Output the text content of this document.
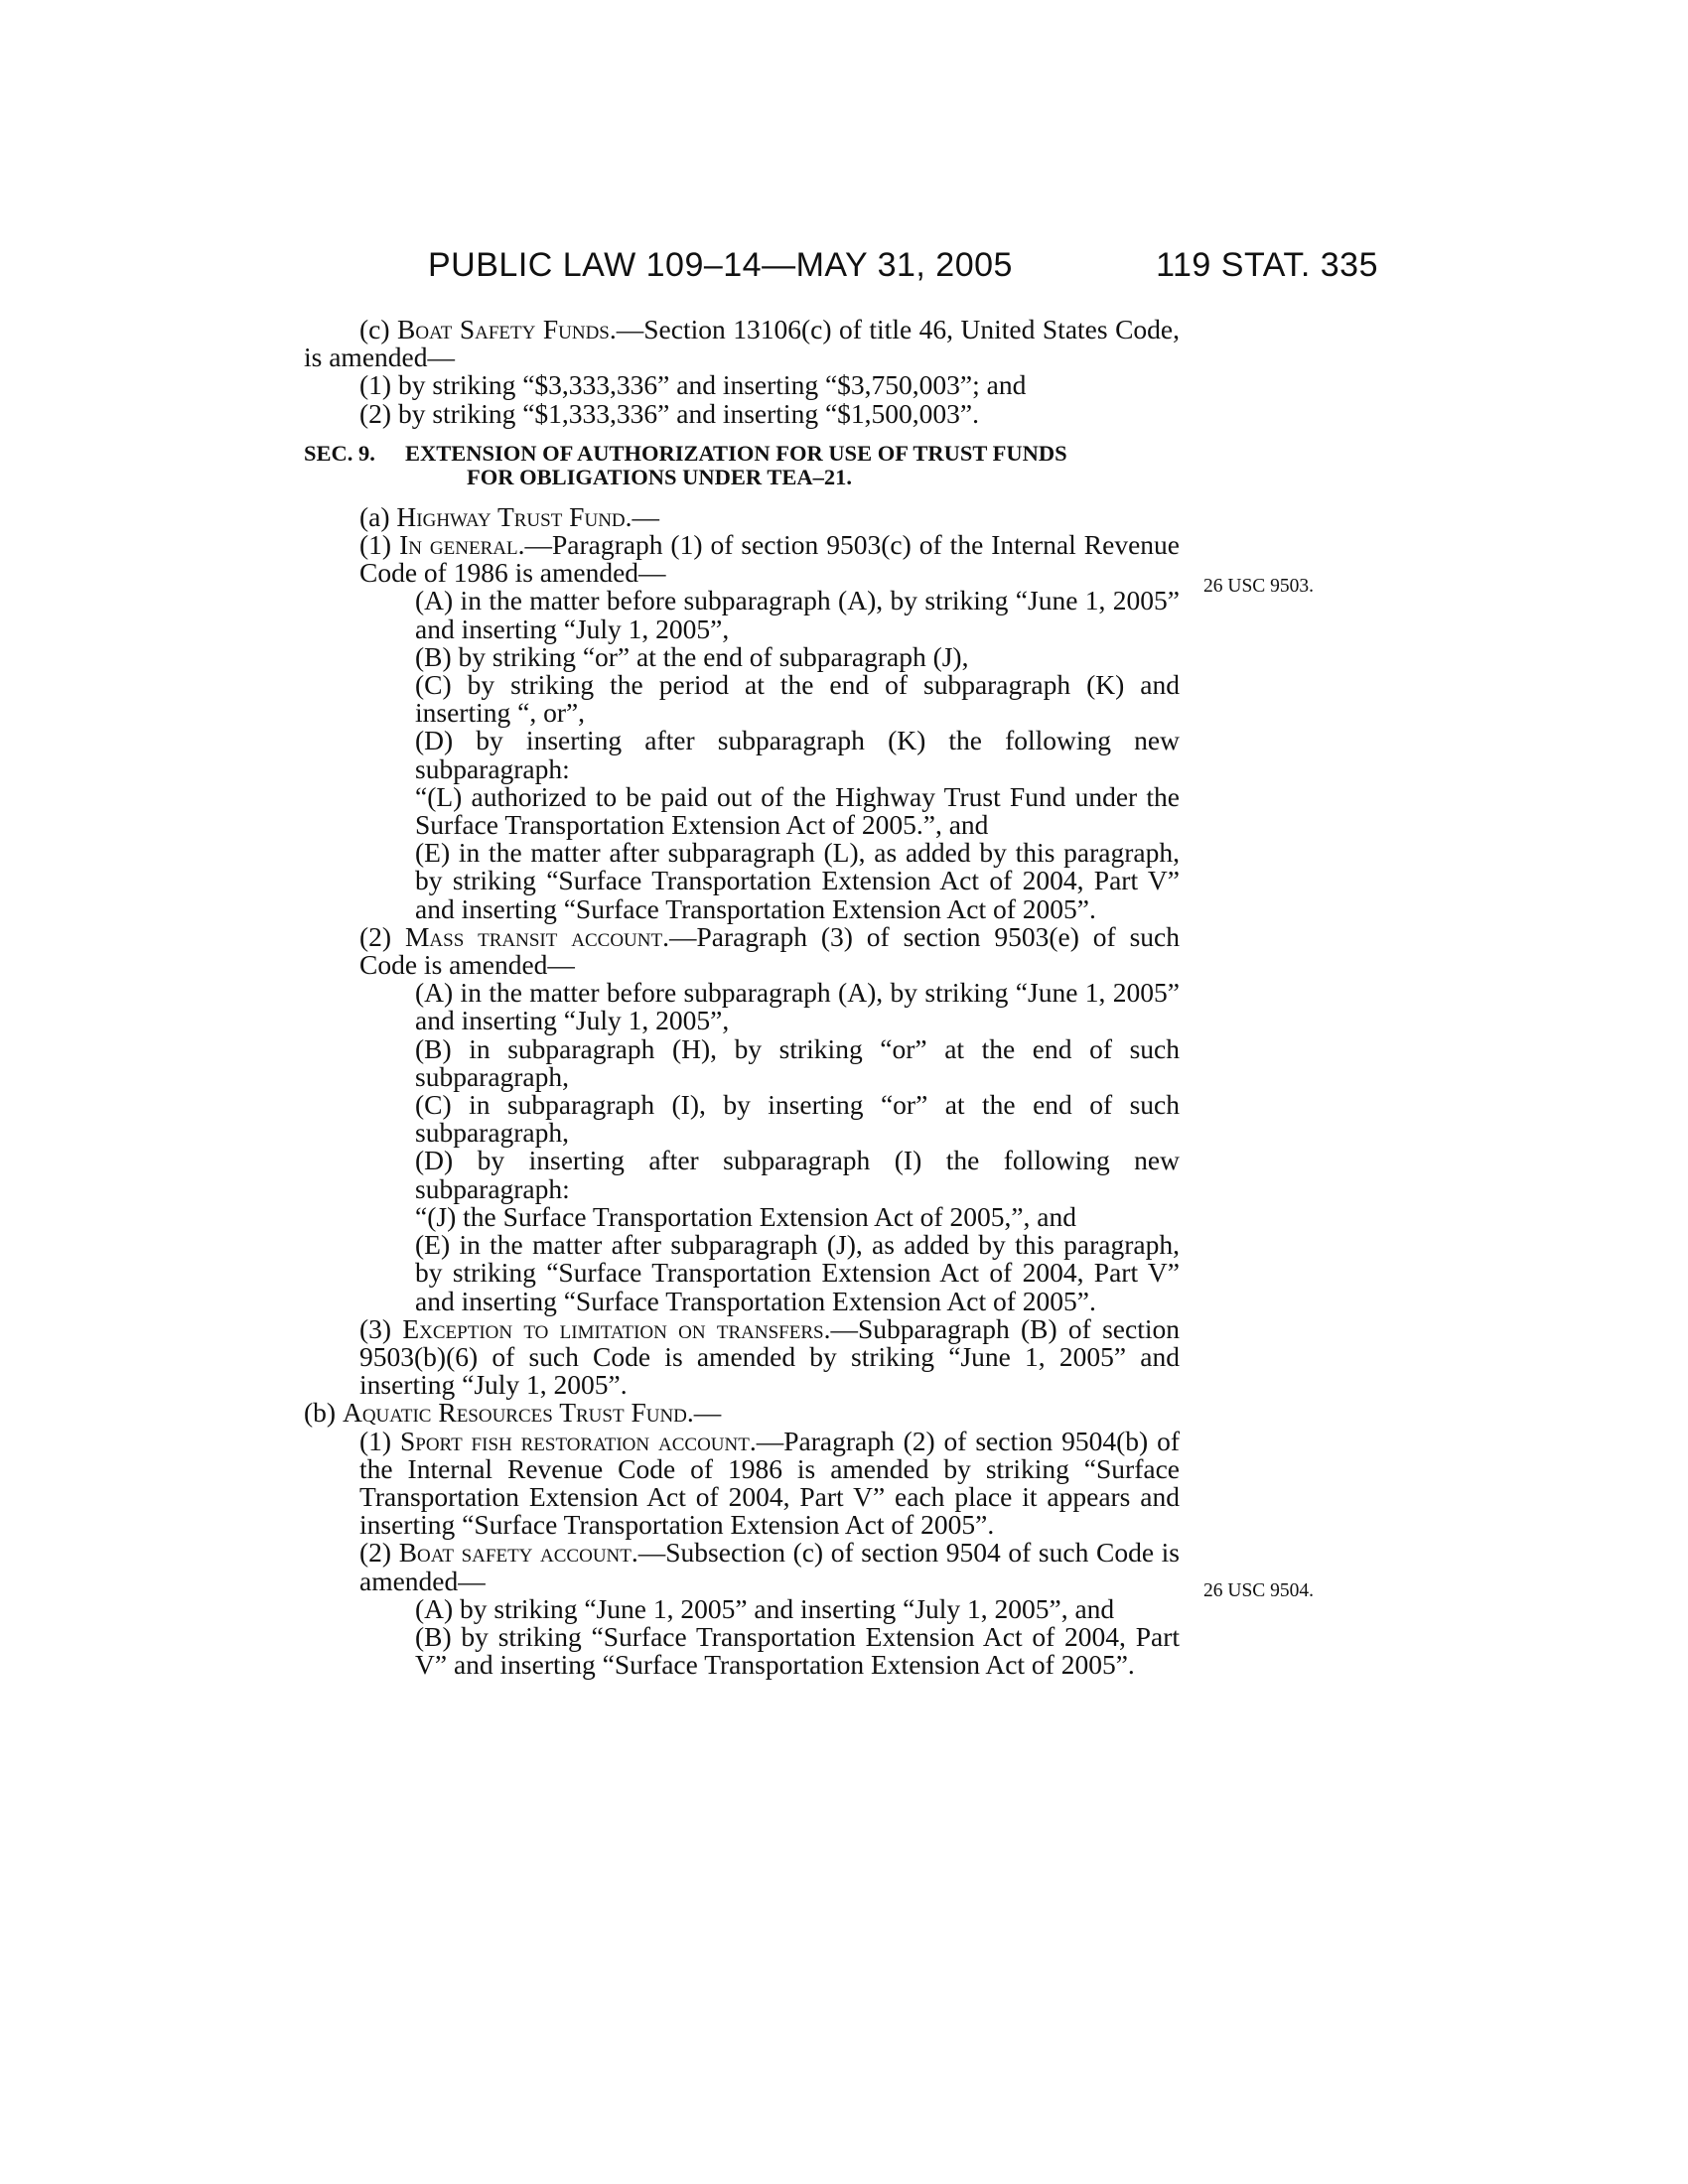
PUBLIC LAW 109–14—MAY 31, 2005	119 STAT. 335
26 USC 9503.
26 USC 9504.

(c) Boat Safety Funds.—Section 13106(c) of title 46, United States Code, is amended—

(1) by striking “$3,333,336” and inserting “$3,750,003”; and

(2) by striking “$1,333,336” and inserting “$1,500,003”.

SEC. 9. EXTENSION OF AUTHORIZATION FOR USE OF TRUST FUNDS
FOR OBLIGATIONS UNDER TEA–21.

(a) Highway Trust Fund.—

(1) In general.—Paragraph (1) of section 9503(c) of the Internal Revenue Code of 1986 is amended—

(A) in the matter before subparagraph (A), by striking “June 1, 2005” and inserting “July 1, 2005”,

(B) by striking “or” at the end of subparagraph (J),

(C) by striking the period at the end of subparagraph (K) and inserting “, or”,

(D) by inserting after subparagraph (K) the following new subparagraph:

“(L) authorized to be paid out of the Highway Trust Fund under the Surface Transportation Extension Act of 2005.”, and

(E) in the matter after subparagraph (L), as added by this paragraph, by striking “Surface Transportation Extension Act of 2004, Part V” and inserting “Surface Transportation Extension Act of 2005”.

(2) Mass transit account.—Paragraph (3) of section 9503(e) of such Code is amended—

(A) in the matter before subparagraph (A), by striking “June 1, 2005” and inserting “July 1, 2005”,

(B) in subparagraph (H), by striking “or” at the end of such subparagraph,

(C) in subparagraph (I), by inserting “or” at the end of such subparagraph,

(D) by inserting after subparagraph (I) the following new subparagraph:

“(J) the Surface Transportation Extension Act of 2005,”, and

(E) in the matter after subparagraph (J), as added by this paragraph, by striking “Surface Transportation Extension Act of 2004, Part V” and inserting “Surface Transportation Extension Act of 2005”.

(3) Exception to limitation on transfers.—Subparagraph (B) of section 9503(b)(6) of such Code is amended by striking “June 1, 2005” and inserting “July 1, 2005”.

(b) Aquatic Resources Trust Fund.—

(1) Sport fish restoration account.—Paragraph (2) of section 9504(b) of the Internal Revenue Code of 1986 is amended by striking “Surface Transportation Extension Act of 2004, Part V” each place it appears and inserting “Surface Transportation Extension Act of 2005”.

(2) Boat safety account.—Subsection (c) of section 9504 of such Code is amended—

(A) by striking “June 1, 2005” and inserting “July 1, 2005”, and

(B) by striking “Surface Transportation Extension Act of 2004, Part V” and inserting “Surface Transportation Extension Act of 2005”.
